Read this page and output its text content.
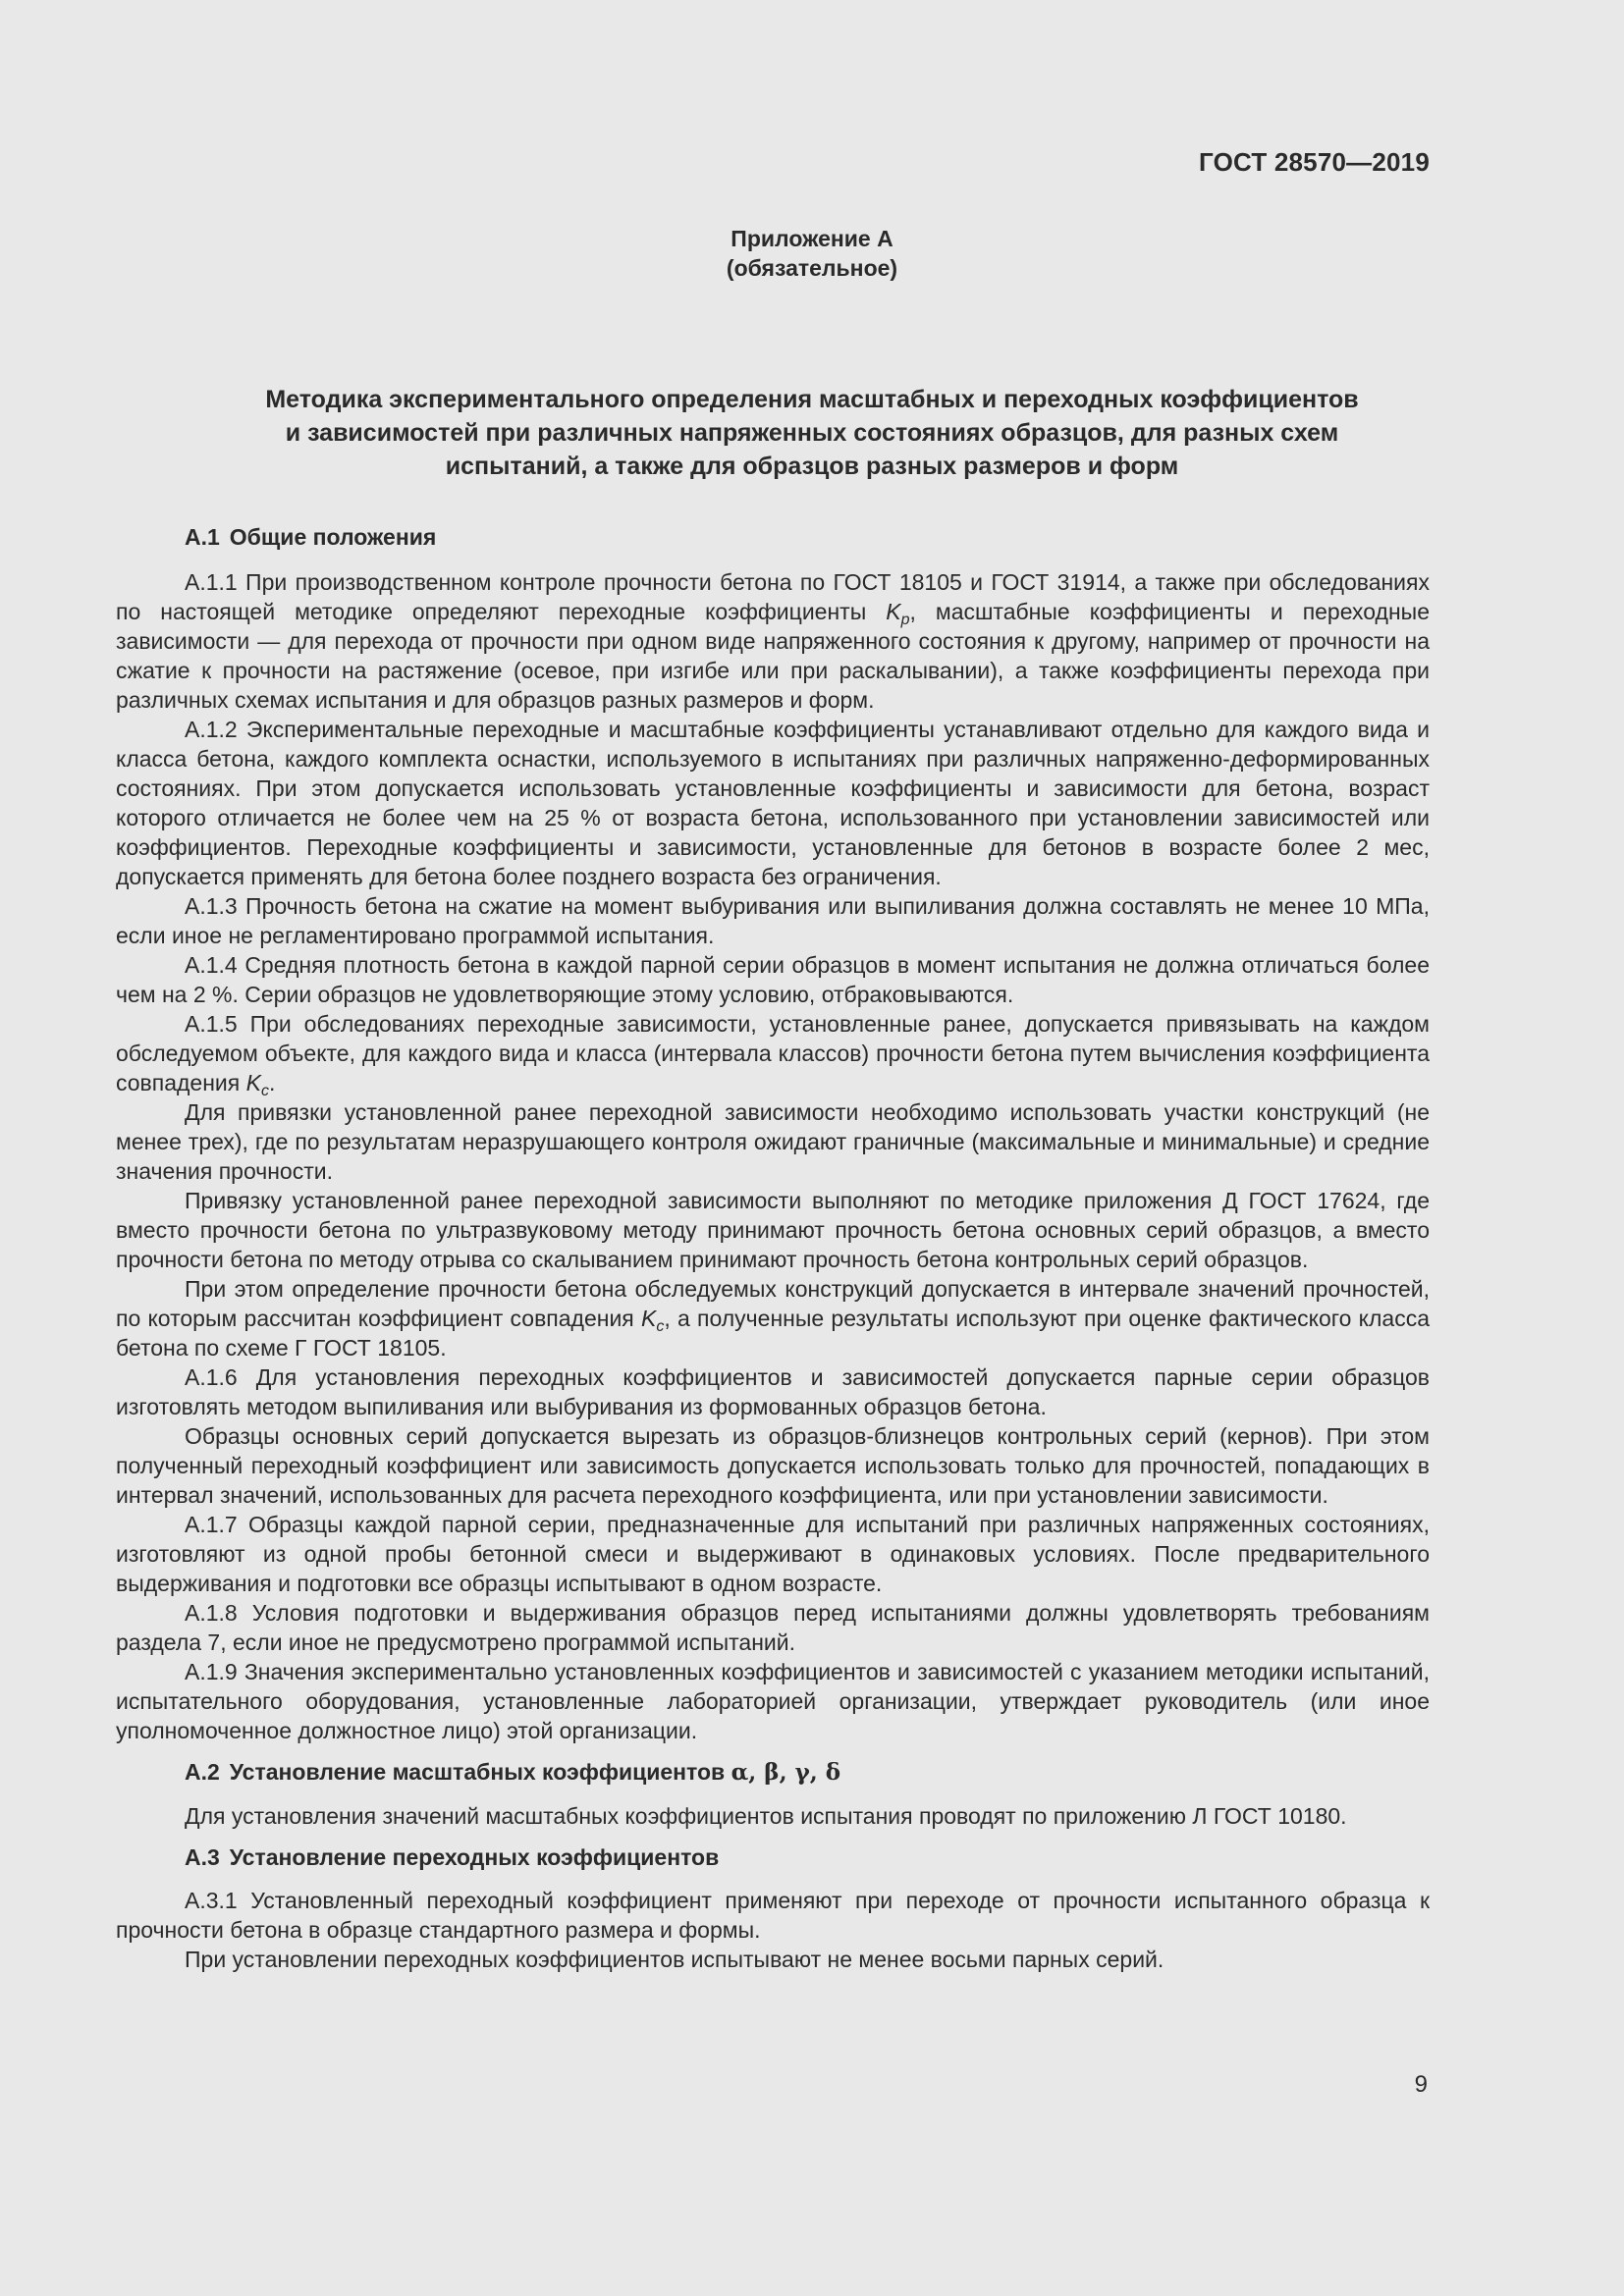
ГОСТ 28570—2019
Приложение А
(обязательное)
Методика экспериментального определения масштабных и переходных коэффициентов
и зависимостей при различных напряженных состояниях образцов, для разных схем
испытаний, а также для образцов разных размеров и форм
А.1 Общие положения

А.1.1 При производственном контроле прочности бетона по ГОСТ 18105 и ГОСТ 31914, а также при обследованиях по настоящей методике определяют переходные коэффициенты $K_p$, масштабные коэффициенты и переходные зависимости — для перехода от прочности при одном виде напряженного состояния к другому, например от прочности на сжатие к прочности на растяжение (осевое, при изгибе или при раскалывании), а также коэффициенты перехода при различных схемах испытания и для образцов разных размеров и форм.

А.1.2 Экспериментальные переходные и масштабные коэффициенты устанавливают отдельно для каждого вида и класса бетона, каждого комплекта оснастки, используемого в испытаниях при различных напряженно-деформированных состояниях. При этом допускается использовать установленные коэффициенты и зависимости для бетона, возраст которого отличается не более чем на 25 % от возраста бетона, использованного при установлении зависимостей или коэффициентов. Переходные коэффициенты и зависимости, установленные для бетонов в возрасте более 2 мес, допускается применять для бетона более позднего возраста без ограничения.

А.1.3 Прочность бетона на сжатие на момент выбуривания или выпиливания должна составлять не менее 10 МПа, если иное не регламентировано программой испытания.

А.1.4 Средняя плотность бетона в каждой парной серии образцов в момент испытания не должна отличаться более чем на 2 %. Серии образцов не удовлетворяющие этому условию, отбраковываются.

А.1.5 При обследованиях переходные зависимости, установленные ранее, допускается привязывать на каждом обследуемом объекте, для каждого вида и класса (интервала классов) прочности бетона путем вычисления коэффициента совпадения $K_c$.

Для привязки установленной ранее переходной зависимости необходимо использовать участки конструкций (не менее трех), где по результатам неразрушающего контроля ожидают граничные (максимальные и минимальные) и средние значения прочности.

Привязку установленной ранее переходной зависимости выполняют по методике приложения Д ГОСТ 17624, где вместо прочности бетона по ультразвуковому методу принимают прочность бетона основных серий образцов, а вместо прочности бетона по методу отрыва со скалыванием принимают прочность бетона контрольных серий образцов.

При этом определение прочности бетона обследуемых конструкций допускается в интервале значений прочностей, по которым рассчитан коэффициент совпадения $K_c$, а полученные результаты используют при оценке фактического класса бетона по схеме Г ГОСТ 18105.

А.1.6 Для установления переходных коэффициентов и зависимостей допускается парные серии образцов изготовлять методом выпиливания или выбуривания из формованных образцов бетона.

Образцы основных серий допускается вырезать из образцов-близнецов контрольных серий (кернов). При этом полученный переходный коэффициент или зависимость допускается использовать только для прочностей, попадающих в интервал значений, использованных для расчета переходного коэффициента, или при установлении зависимости.

А.1.7 Образцы каждой парной серии, предназначенные для испытаний при различных напряженных состояниях, изготовляют из одной пробы бетонной смеси и выдерживают в одинаковых условиях. После предварительного выдерживания и подготовки все образцы испытывают в одном возрасте.

А.1.8 Условия подготовки и выдерживания образцов перед испытаниями должны удовлетворять требованиям раздела 7, если иное не предусмотрено программой испытаний.

А.1.9 Значения экспериментально установленных коэффициентов и зависимостей с указанием методики испытаний, испытательного оборудования, установленные лабораторией организации, утверждает руководитель (или иное уполномоченное должностное лицо) этой организации.

А.2 Установление масштабных коэффициентов α, β, γ, δ

Для установления значений масштабных коэффициентов испытания проводят по приложению Л ГОСТ 10180.

А.3 Установление переходных коэффициентов

А.3.1 Установленный переходный коэффициент применяют при переходе от прочности испытанного образца к прочности бетона в образце стандартного размера и формы.

При установлении переходных коэффициентов испытывают не менее восьми парных серий.

9
